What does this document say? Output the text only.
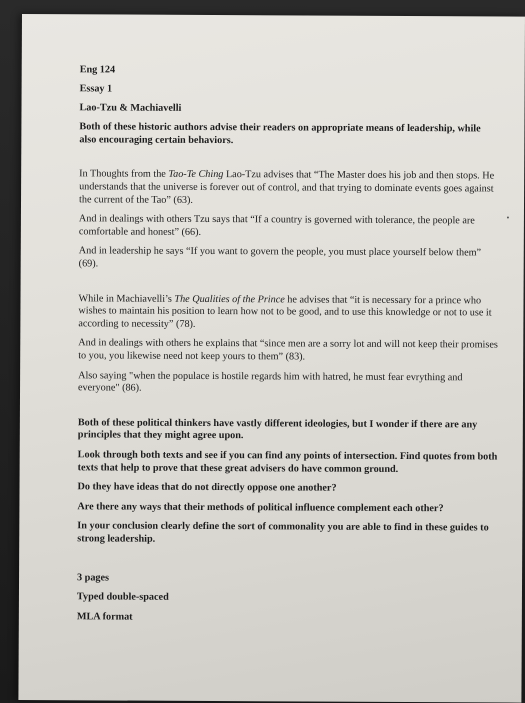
Eng 124

Essay 1

Lao-Tzu & Machiavelli

Both of these historic authors advise their readers on appropriate means of leadership, while also encouraging certain behaviors.

In Thoughts from the Tao-Te Ching Lao-Tzu advises that “The Master does his job and then stops. He understands that the universe is forever out of control, and that trying to dominate events goes against the current of the Tao” (63).

And in dealings with others Tzu says that “If a country is governed with tolerance, the people are comfortable and honest” (66).

And in leadership he says “If you want to govern the people, you must place yourself below them” (69).

While in Machiavelli’s The Qualities of the Prince he advises that “it is necessary for a prince who wishes to maintain his position to learn how not to be good, and to use this knowledge or not to use it according to necessity” (78).

And in dealings with others he explains that “since men are a sorry lot and will not keep their promises to you, you likewise need not keep yours to them” (83).

Also saying "when the populace is hostile regards him with hatred, he must fear evrything and everyone" (86).

Both of these political thinkers have vastly different ideologies, but I wonder if there are any principles that they might agree upon.

Look through both texts and see if you can find any points of intersection. Find quotes from both texts that help to prove that these great advisers do have common ground.

Do they have ideas that do not directly oppose one another?

Are there any ways that their methods of political influence complement each other?

In your conclusion clearly define the sort of commonality you are able to find in these guides to strong leadership.

3 pages

Typed double-spaced

MLA format
